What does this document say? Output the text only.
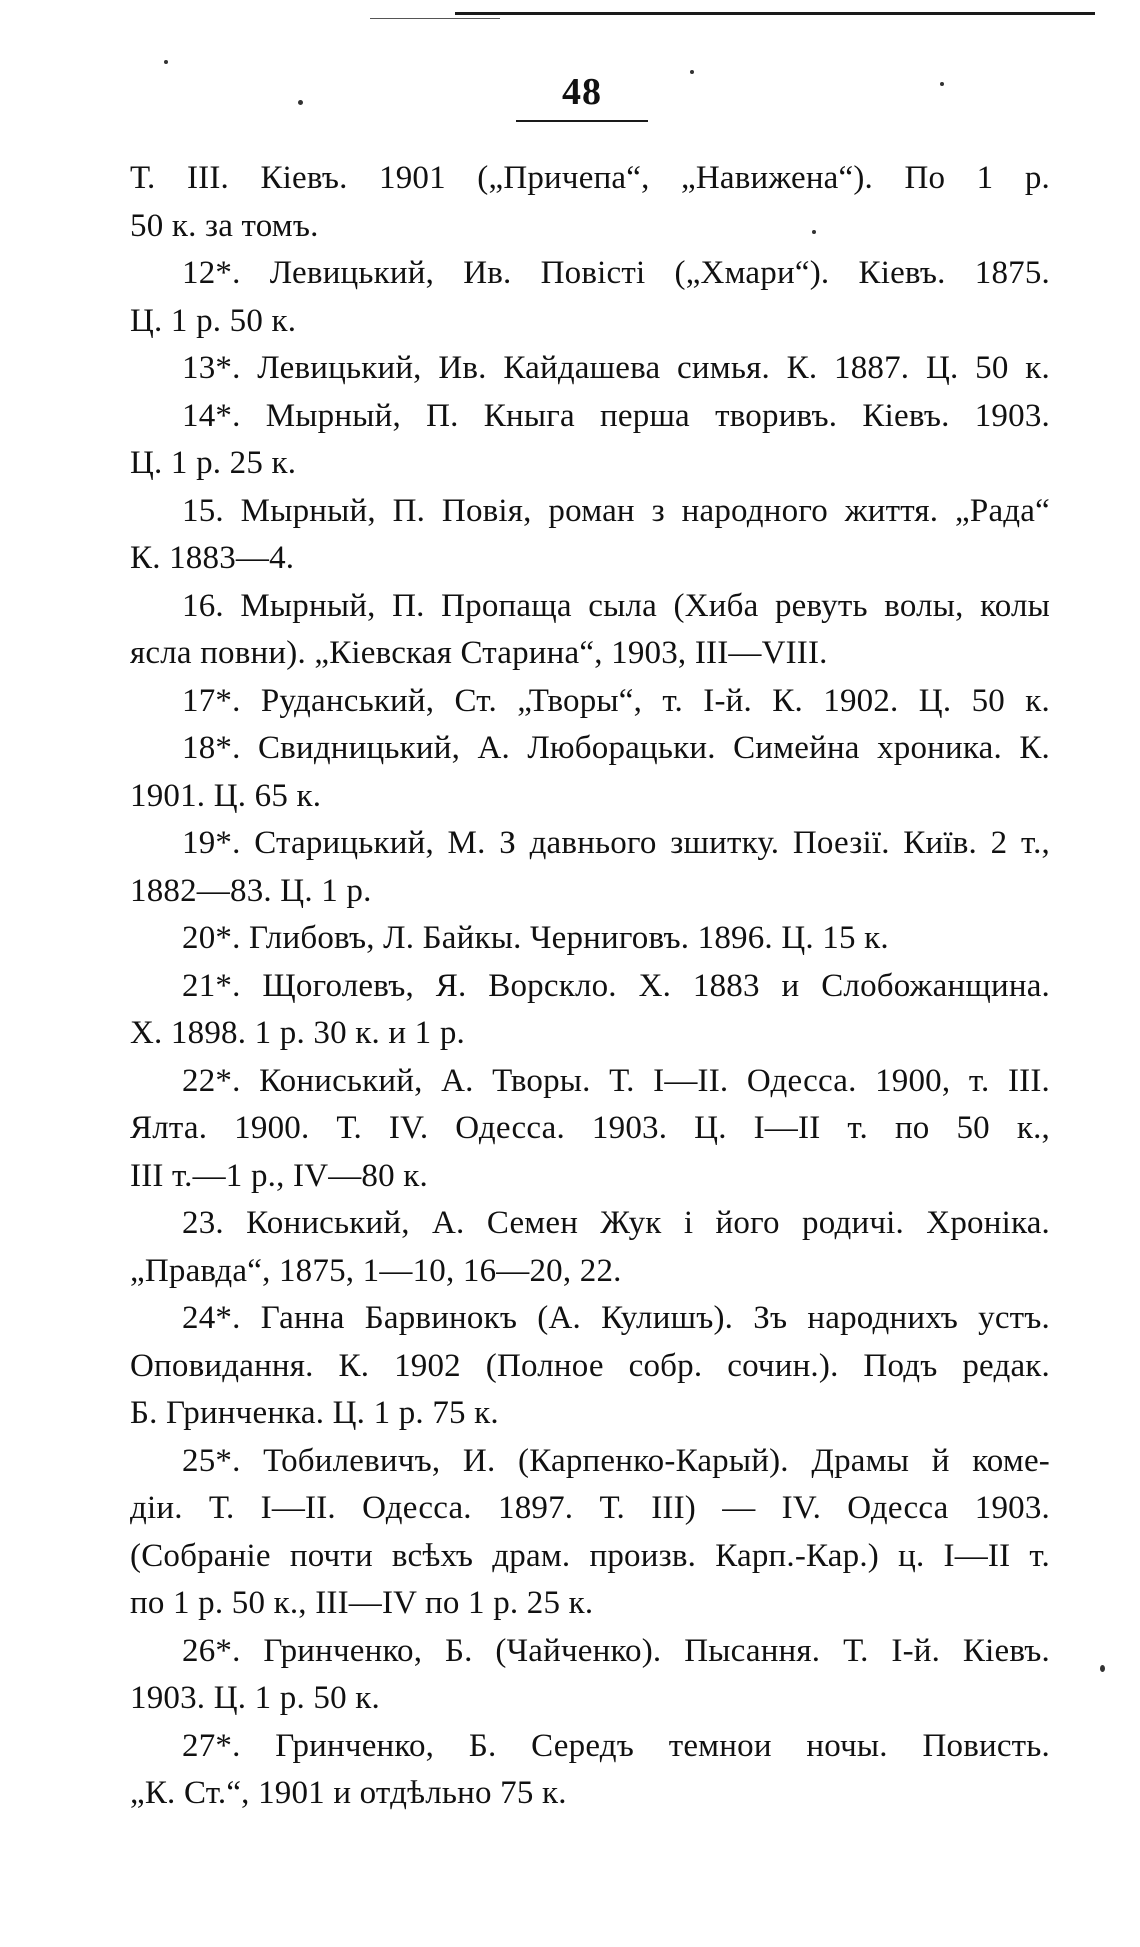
48
Т. III. Кіевъ. 1901 („Причепа“, „Навиженa“). По 1 р.
50 к. за томъ.
12*. Левицький, Ив. Повісті („Хмари“). Кіевъ. 1875.
Ц. 1 р. 50 к.
13*. Левицький, Ив. Кайдашева симья. К. 1887. Ц. 50 к.
14*. Мырный, П. Кныга перша творивъ. Кіевъ. 1903.
Ц. 1 р. 25 к.
15. Мырный, П. Повія, роман з народного життя. „Рада“
К. 1883—4.
16. Мырный, П. Пропаща сыла (Хиба ревуть волы, колы
ясла повни). „Кіевская Старина“, 1903, III—VIII.
17*. Руданський, Ст. „Творы“, т. I-й. К. 1902. Ц. 50 к.
18*. Свидницький, А. Люборацьки. Симейна хроника. К.
1901. Ц. 65 к.
19*. Старицький, М. З давнього зшитку. Поезії. Київ. 2 т.,
1882—83. Ц. 1 р.
20*. Глибовъ, Л. Байкы. Черниговъ. 1896. Ц. 15 к.
21*. Щоголевъ, Я. Ворскло. Х. 1883 и Слобожанщина.
Х. 1898. 1 р. 30 к. и 1 р.
22*. Кониський, А. Творы. Т. I—II. Одесса. 1900, т. III.
Ялта. 1900. Т. IV. Одесса. 1903. Ц. I—II т. по 50 к.,
III т.—1 р., IV—80 к.
23. Кониський, А. Семен Жук і його родичі. Хроніка.
„Правда“, 1875, 1—10, 16—20, 22.
24*. Ганна Барвинокъ (А. Кулишъ). Зъ народнихъ устъ.
Оповидання. К. 1902 (Полное собр. сочин.). Подъ редак.
Б. Гринченка. Ц. 1 р. 75 к.
25*. Тобилевичъ, И. (Карпенко-Карый). Драмы й коме-
діи. Т. I—II. Одесса. 1897. Т. III) — IV. Одесса 1903.
(Собраніе почти всѣхъ драм. произв. Карп.-Кар.) ц. I—II т.
по 1 р. 50 к., III—IV по 1 р. 25 к.
26*. Гринченко, Б. (Чайченко). Пысання. Т. I-й. Кіевъ.
1903. Ц. 1 р. 50 к.
27*. Гринченко, Б. Середъ темнои ночы. Повисть.
„К. Ст.“, 1901 и отдѣльно 75 к.
